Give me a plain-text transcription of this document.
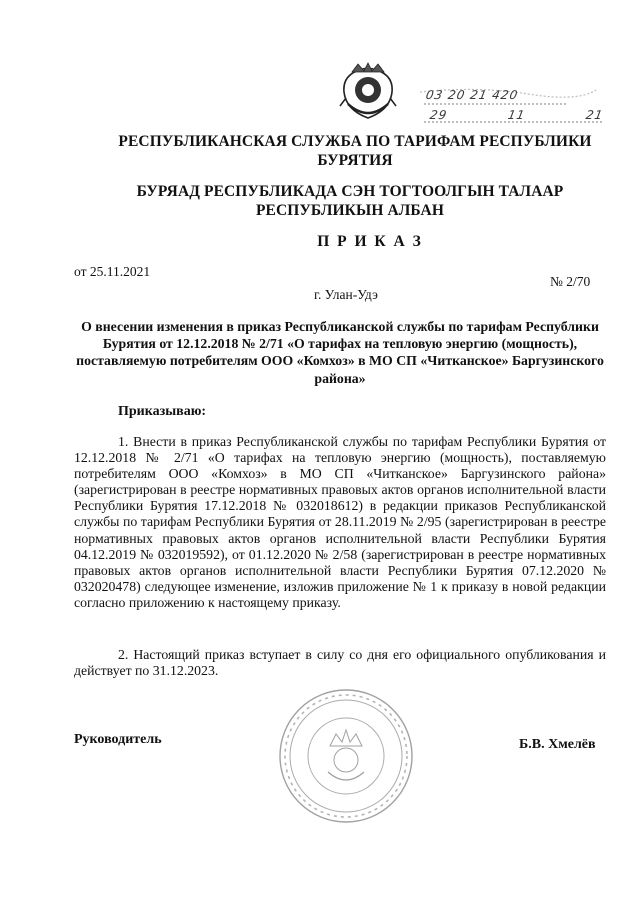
03 20 21 420
29	11	21
РЕСПУБЛИКАНСКАЯ СЛУЖБА ПО ТАРИФАМ РЕСПУБЛИКИ БУРЯТИЯ
БУРЯАД РЕСПУБЛИКАДА СЭН ТОГТООЛГЫН ТАЛААР РЕСПУБЛИКЫН АЛБАН
П Р И К А З
от 25.11.2021
№ 2/70
г. Улан-Удэ
О внесении изменения в приказ Республиканской службы по тарифам Республики Бурятия от 12.12.2018 № 2/71 «О тарифах на тепловую энергию (мощность), поставляемую потребителям ООО «Комхоз» в МО СП «Читканское» Баргузинского района»
Приказываю:
1. Внести в приказ Республиканской службы по тарифам Республики Бурятия от 12.12.2018 № 2/71 «О тарифах на тепловую энергию (мощность), поставляемую потребителям ООО «Комхоз» в МО СП «Читканское» Баргузинского района» (зарегистрирован в реестре нормативных правовых актов органов исполнительной власти Республики Бурятия 17.12.2018 № 032018612) в редакции приказов Республиканской службы по тарифам Республики Бурятия от 28.11.2019 № 2/95 (зарегистрирован в реестре нормативных правовых актов органов исполнительной власти Республики Бурятия 04.12.2019 № 032019592), от 01.12.2020 № 2/58 (зарегистрирован в реестре нормативных правовых актов органов исполнительной власти Республики Бурятия 07.12.2020 № 032020478) следующее изменение, изложив приложение № 1 к приказу в новой редакции согласно приложению к настоящему приказу.
2. Настоящий приказ вступает в силу со дня его официального опубликования и действует по 31.12.2023.
Руководитель	Б.В. Хмелёв
